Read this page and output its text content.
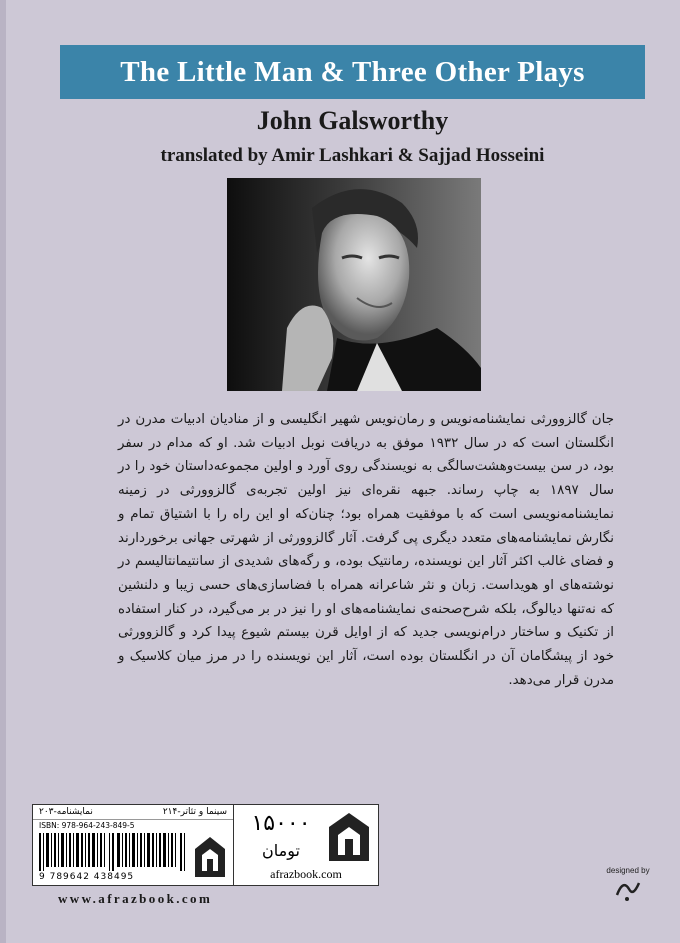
The Little Man & Three Other Plays
John Galsworthy
translated by Amir Lashkari & Sajjad Hosseini

جان گالزوورثی نمایشنامه‌نویس و رمان‌نویس شهیر انگلیسی و از منادیان ادبیات مدرن در انگلستان است که در سال ۱۹۳۲ موفق به دریافت نوبل ادبیات شد. او که مدام در سفر بود، در سن بیست‌وهشت‌سالگی به نویسندگی روی آورد و اولین مجموعه‌داستان خود را در سال ۱۸۹۷ به چاپ رساند. جبهه نقره‌ای نیز اولین تجربه‌ی گالزوورثی در زمینه نمایشنامه‌نویسی است که با موفقیت همراه بود؛ چنان‌که او این راه را با اشتیاق تمام و نگارش نمایشنامه‌های متعدد دیگری پی گرفت. آثار گالزوورثی از شهرتی جهانی برخوردارند و فضای غالب اکثر آثار این نویسنده، رمانتیک بوده، و رگه‌های شدیدی از سانتیمانتالیسم در نوشته‌های او هویداست. زبان و نثر شاعرانه همراه با فضاسازی‌های حسی زیبا و دلنشین که نه‌تنها دیالوگ، بلکه شرح‌صحنه‌ی نمایشنامه‌های او را نیز در بر می‌گیرد، در کنار استفاده از تکنیک و ساختار درام‌نویسی جدید که از اوایل قرن بیستم شیوع پیدا کرد و گالزوورثی خود از پیشگامان آن در انگلستان بوده است، آثار این نویسنده را در مرز میان کلاسیک و مدرن قرار می‌دهد.

سینما و تئاتر-۲۱۴
نمایشنامه-۲۰۳
ISBN: 978-964-243-849-5
9 789642 438495
۱۵۰۰۰
تومان
afrazbook.com
www.afrazbook.com
designed by
